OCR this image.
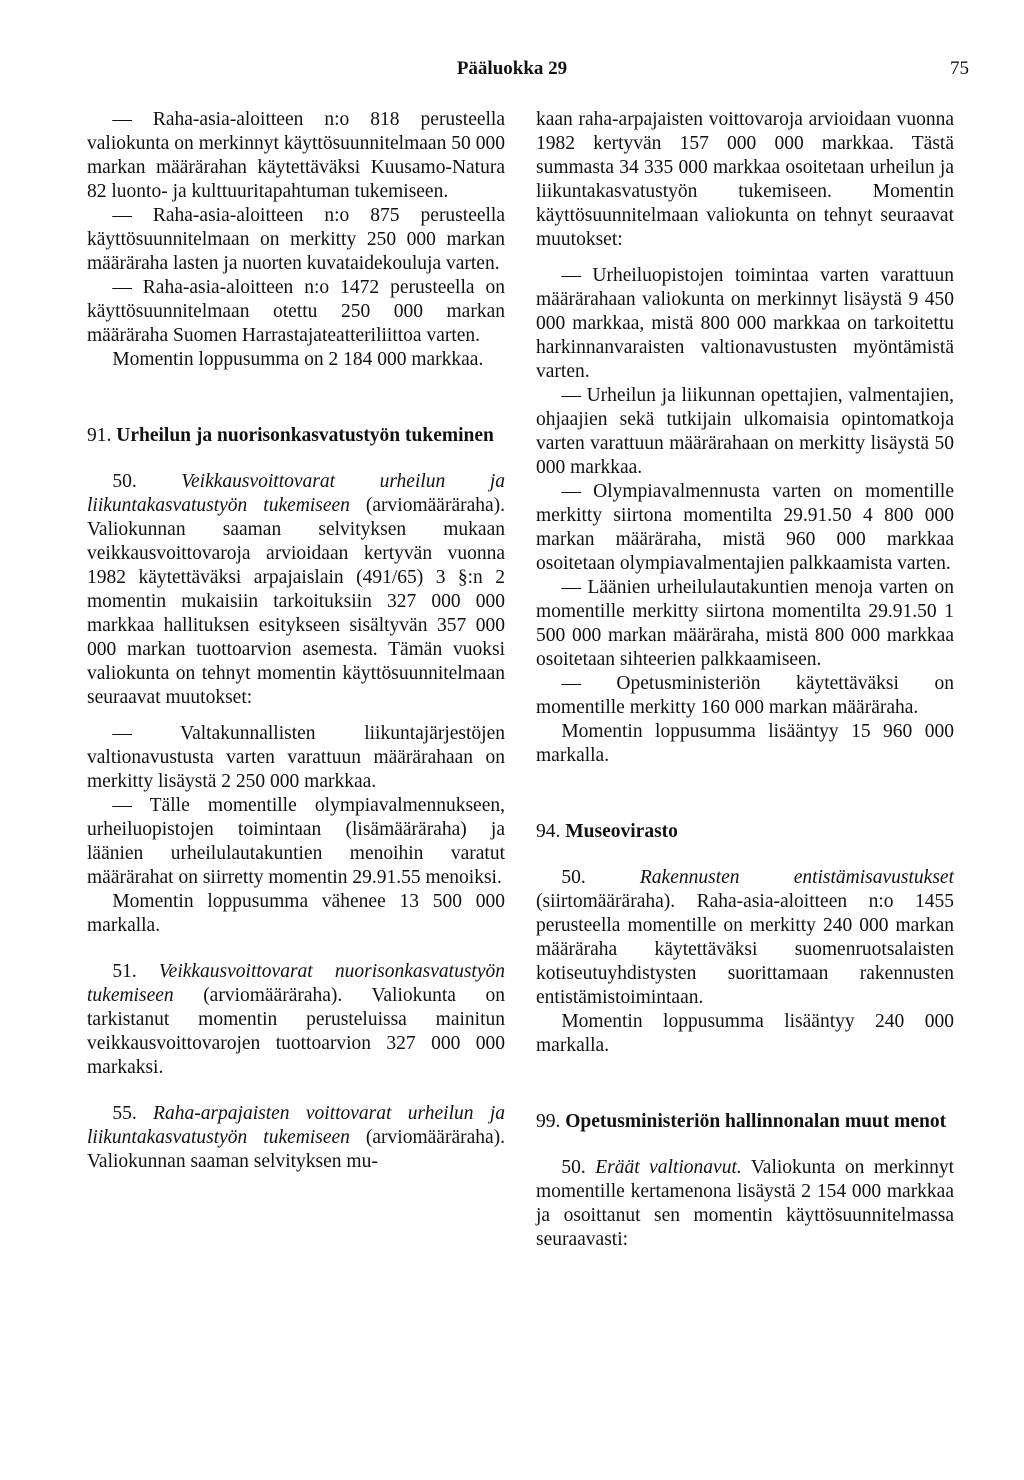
Pääluokka 29	75

— Raha-asia-aloitteen n:o 818 perusteella valiokunta on merkinnyt käyttösuunnitelmaan 50 000 markan määrärahan käytettäväksi Kuusamo-Natura 82 luonto- ja kulttuuritapahtuman tukemiseen.

— Raha-asia-aloitteen n:o 875 perusteella käyttösuunnitelmaan on merkitty 250 000 markan määräraha lasten ja nuorten kuvataidekouluja varten.

— Raha-asia-aloitteen n:o 1472 perusteella on käyttösuunnitelmaan otettu 250 000 markan määräraha Suomen Harrastajateatteriliittoa varten.

Momentin loppusumma on 2 184 000 markkaa.

91. Urheilun ja nuorisonkasvatustyön tukeminen

50. Veikkausvoittovarat urheilun ja liikuntakasvatustyön tukemiseen (arviomääräraha). Valiokunnan saaman selvityksen mukaan veikkausvoittovaroja arvioidaan kertyvän vuonna 1982 käytettäväksi arpajaislain (491/65) 3 §:n 2 momentin mukaisiin tarkoituksiin 327 000 000 markkaa hallituksen esitykseen sisältyvän 357 000 000 markan tuottoarvion asemesta. Tämän vuoksi valiokunta on tehnyt momentin käyttösuunnitelmaan seuraavat muutokset:

— Valtakunnallisten liikuntajärjestöjen valtionavustusta varten varattuun määrärahaan on merkitty lisäystä 2 250 000 markkaa.

— Tälle momentille olympiavalmennukseen, urheiluopistojen toimintaan (lisämääräraha) ja läänien urheilulautakuntien menoihin varatut määrärahat on siirretty momentin 29.91.55 menoiksi.

Momentin loppusumma vähenee 13 500 000 markalla.

51. Veikkausvoittovarat nuorisonkasvatustyön tukemiseen (arviomääräraha). Valiokunta on tarkistanut momentin perusteluissa mainitun veikkausvoittovarojen tuottoarvion 327 000 000 markaksi.

55. Raha-arpajaisten voittovarat urheilun ja liikuntakasvatustyön tukemiseen (arviomääräraha). Valiokunnan saaman selvityksen mu-

kaan raha-arpajaisten voittovaroja arvioidaan vuonna 1982 kertyvän 157 000 000 markkaa. Tästä summasta 34 335 000 markkaa osoitetaan urheilun ja liikuntakasvatustyön tukemiseen. Momentin käyttösuunnitelmaan valiokunta on tehnyt seuraavat muutokset:

— Urheiluopistojen toimintaa varten varattuun määrärahaan valiokunta on merkinnyt lisäystä 9 450 000 markkaa, mistä 800 000 markkaa on tarkoitettu harkinnanvaraisten valtionavustusten myöntämistä varten.

— Urheilun ja liikunnan opettajien, valmentajien, ohjaajien sekä tutkijain ulkomaisia opintomatkoja varten varattuun määrärahaan on merkitty lisäystä 50 000 markkaa.

— Olympiavalmennusta varten on momentille merkitty siirtona momentilta 29.91.50 4 800 000 markan määräraha, mistä 960 000 markkaa osoitetaan olympiavalmentajien palkkaamista varten.

— Läänien urheilulautakuntien menoja varten on momentille merkitty siirtona momentilta 29.91.50 1 500 000 markan määräraha, mistä 800 000 markkaa osoitetaan sihteerien palkkaamiseen.

— Opetusministeriön käytettäväksi on momentille merkitty 160 000 markan määräraha.

Momentin loppusumma lisääntyy 15 960 000 markalla.

94. Museovirasto

50.	Rakennusten entistämisavustukset (siirtomääräraha). Raha-asia-aloitteen n:o 1455 perusteella momentille on merkitty 240 000 markan määräraha käytettäväksi suomenruotsalaisten kotiseutuyhdistysten suorittamaan rakennusten entistämistoimintaan.

Momentin loppusumma lisääntyy 240 000 markalla.

99. Opetusministeriön hallinnonalan muut menot

50. Eräät valtionavut. Valiokunta on merkinnyt momentille kertamenona lisäystä 2 154 000 markkaa ja osoittanut sen momentin käyttösuunnitelmassa seuraavasti:
